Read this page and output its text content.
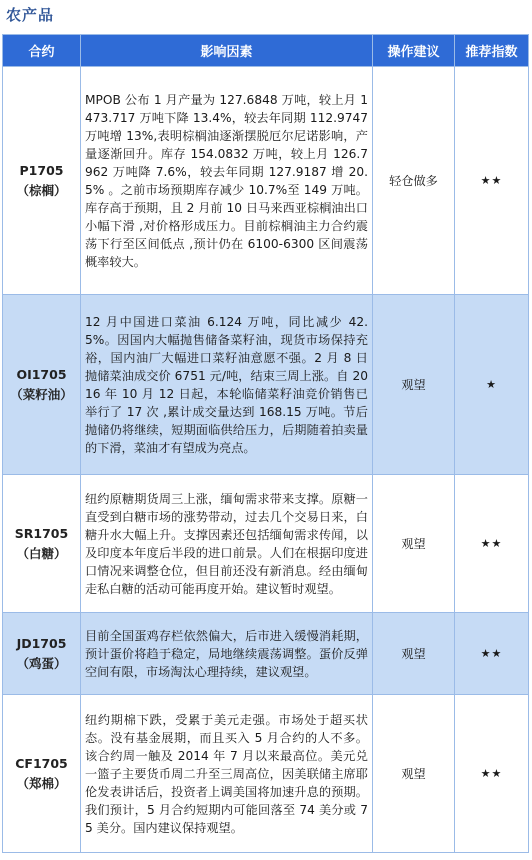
农产品
合约	影响因素	操作建议	推荐指数

P1705
（棕榈）	MPOB 公布 1 月产量为 127.6848 万吨，较上月 1473.717 万吨下降 13.4%，较去年同期 112.9747 万吨增 13%,表明棕榈油逐渐摆脱厄尔尼诺影响，产量逐渐回升。库存 154.0832 万吨，较上月 126.7962 万吨降 7.6%，较去年同期 127.9187 增 20.5% 。之前市场预期库存减少 10.7%至 149 万吨。库存高于预期，且 2 月前 10 日马来西亚棕榈油出口小幅下滑 ,对价格形成压力。目前棕榈油主力合约震荡下行至区间低点 ,预计仍在 6100-6300 区间震荡概率较大。	轻仓做多	★★

OI1705
（菜籽油）	12 月中国进口菜油 6.124 万吨，同比减少 42.5%。因国内大幅抛售储备菜籽油，现货市场保持充裕，国内油厂大幅进口菜籽油意愿不强。2 月 8 日抛储菜油成交价 6751 元/吨，结束三周上涨。自 2016 年 10 月 12 日起，本轮临储菜籽油竞价销售已举行了 17 次 ,累计成交量达到 168.15 万吨。节后抛储仍将继续，短期面临供给压力，后期随着拍卖量的下滑，菜油才有望成为亮点。	观望	★

SR1705
（白糖）	纽约原糖期货周三上涨，缅甸需求带来支撑。原糖一直受到白糖市场的涨势带动，过去几个交易日来，白糖升水大幅上升。支撑因素还包括缅甸需求传闻，以及印度本年度后半段的进口前景。人们在根据印度进口情况来调整仓位，但目前还没有新消息。经由缅甸走私白糖的活动可能再度开始。建议暂时观望。	观望	★★

JD1705
（鸡蛋）	目前全国蛋鸡存栏依然偏大，后市进入缓慢消耗期，预计蛋价将趋于稳定，局地继续震荡调整。蛋价反弹空间有限，市场淘汰心理持续，建议观望。	观望	★★

CF1705
（郑棉）	纽约期棉下跌，受累于美元走强。市场处于超买状态。没有基金展期，而且买入 5 月合约的人不多。该合约周一触及 2014 年 7 月以来最高位。美元兑一篮子主要货币周二升至三周高位，因美联储主席耶伦发表讲话后，投资者上调美国将加速升息的预期。我们预计，5 月合约短期内可能回落至 74 美分或 75 美分。国内建议保持观望。	观望	★★
